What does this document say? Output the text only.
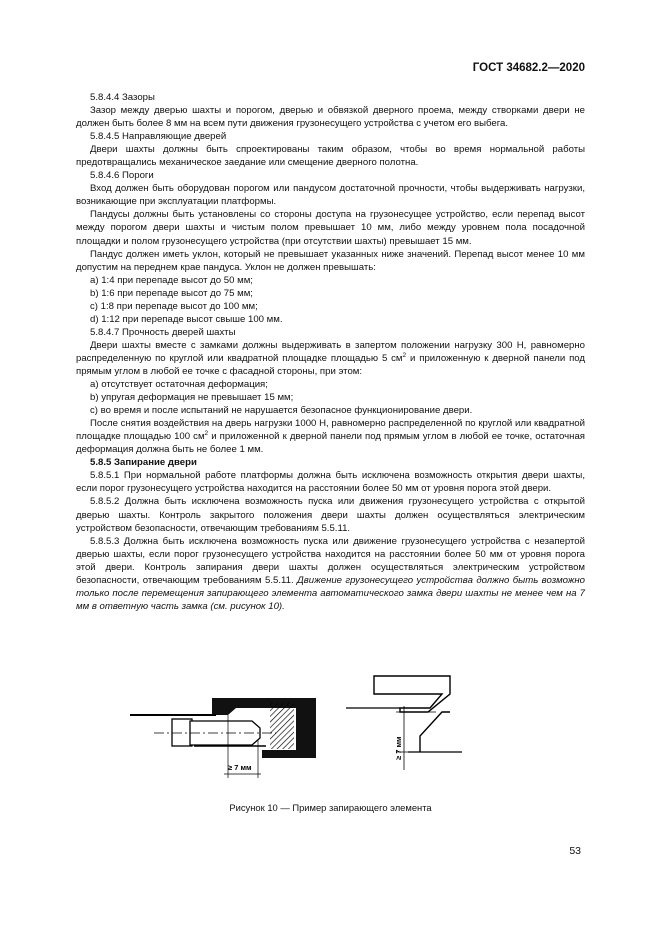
ГОСТ 34682.2—2020

5.8.4.4 Зазоры

Зазор между дверью шахты и порогом, дверью и обвязкой дверного проема, между створками двери не должен быть более 8 мм на всем пути движения грузонесущего устройства с учетом его выбега.

5.8.4.5 Направляющие дверей

Двери шахты должны быть спроектированы таким образом, чтобы во время нормальной работы предотвращались механическое заедание или смещение дверного полотна.

5.8.4.6 Пороги

Вход должен быть оборудован порогом или пандусом достаточной прочности, чтобы выдерживать нагрузки, возникающие при эксплуатации платформы.

Пандусы должны быть установлены со стороны доступа на грузонесущее устройство, если перепад высот между порогом двери шахты и чистым полом превышает 10 мм, либо между уровнем пола посадочной площадки и полом грузонесущего устройства (при отсутствии шахты) превышает 15 мм.

Пандус должен иметь уклон, который не превышает указанных ниже значений. Перепад высот менее 10 мм допустим на переднем крае пандуса. Уклон не должен превышать:

a) 1:4 при перепаде высот до 50 мм;

b) 1:6 при перепаде высот до 75 мм;

c) 1:8 при перепаде высот до 100 мм;

d) 1:12 при перепаде высот свыше 100 мм.

5.8.4.7 Прочность дверей шахты

Двери шахты вместе с замками должны выдерживать в запертом положении нагрузку 300 Н, равномерно распределенную по круглой или квадратной площадке площадью 5 $см^2$ и приложенную к дверной панели под прямым углом в любой ее точке с фасадной стороны, при этом:

a) отсутствует остаточная деформация;

b) упругая деформация не превышает 15 мм;

c) во время и после испытаний не нарушается безопасное функционирование двери.

После снятия воздействия на дверь нагрузки 1000 Н, равномерно распределенной по круглой или квадратной площадке площадью 100 $см^2$ и приложенной к дверной панели под прямым углом в любой ее точке, остаточная деформация должна быть не более 1 мм.

5.8.5 Запирание двери

5.8.5.1 При нормальной работе платформы должна быть исключена возможность открытия двери шахты, если порог грузонесущего устройства находится на расстоянии более 50 мм от уровня порога этой двери.

5.8.5.2 Должна быть исключена возможность пуска или движения грузонесущего устройства с открытой дверью шахты. Контроль закрытого положения двери шахты должен осуществляться электрическим устройством безопасности, отвечающим требованиям 5.5.11.

5.8.5.3 Должна быть исключена возможность пуска или движение грузонесущего устройства с незапертой дверью шахты, если порог грузонесущего устройства находится на расстоянии более 50 мм от уровня порога этой двери. Контроль запирания двери шахты должен осуществляться электрическим устройством безопасности, отвечающим требованиям 5.5.11. Движение грузонесущего устройства должно быть возможно только после перемещения запирающего элемента автоматического замка двери шахты не менее чем на 7 мм в ответную часть замка (см. рисунок 10).

≥ 7 мм
≥ 7 мм
Рисунок 10 — Пример запирающего элемента
53
